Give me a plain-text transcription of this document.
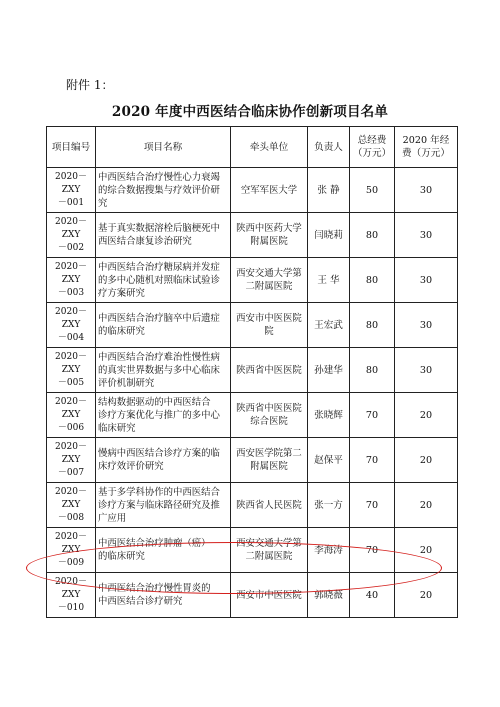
附件 1：
2020 年度中西医结合临床协作创新项目名单
项目编号	项目名称	牵头单位	负责人	总经费
（万元）	2020 年经
费（万元）
2020－ZXY
－001	中西医结合治疗慢性心力衰竭
的综合数据搜集与疗效评价研
究	空军军医大学	张 静	50	30
2020－ZXY
－002	基于真实数据溶栓后脑梗死中
西医结合康复诊治研究	陕西中医药大学
附属医院	闫晓莉	80	30
2020－ZXY
－003	中西医结合治疗糖尿病并发症
的多中心随机对照临床试验诊
疗方案研究	西安交通大学第
二附属医院	王 华	80	30
2020－ZXY
－004	中西医结合治疗脑卒中后遗症
的临床研究	西安市中医医院
院	王宏武	80	30
2020－ZXY
－005	中西医结合治疗难治性慢性病
的真实世界数据与多中心临床
评价机制研究	陕西省中医医院	孙建华	80	30
2020－ZXY
－006	结构数据驱动的中西医结合
诊疗方案优化与推广的多中心
临床研究	陕西省中医医院
综合医院	张晓辉	70	20
2020－ZXY
－007	慢病中西医结合诊疗方案的临
床疗效评价研究	西安医学院第二
附属医院	赵保平	70	20
2020－ZXY
－008	基于多学科协作的中西医结合
诊疗方案与临床路径研究及推
广应用	陕西省人民医院	张一方	70	20
2020－ZXY
－009	中西医结合治疗肿瘤（癌）
的临床研究	西安交通大学第
二附属医院	李海涛	70	20
2020－ZXY
－010	中西医结合治疗慢性胃炎的
中西医结合诊疗研究	西安市中医医院	郭晓薇	40	20
